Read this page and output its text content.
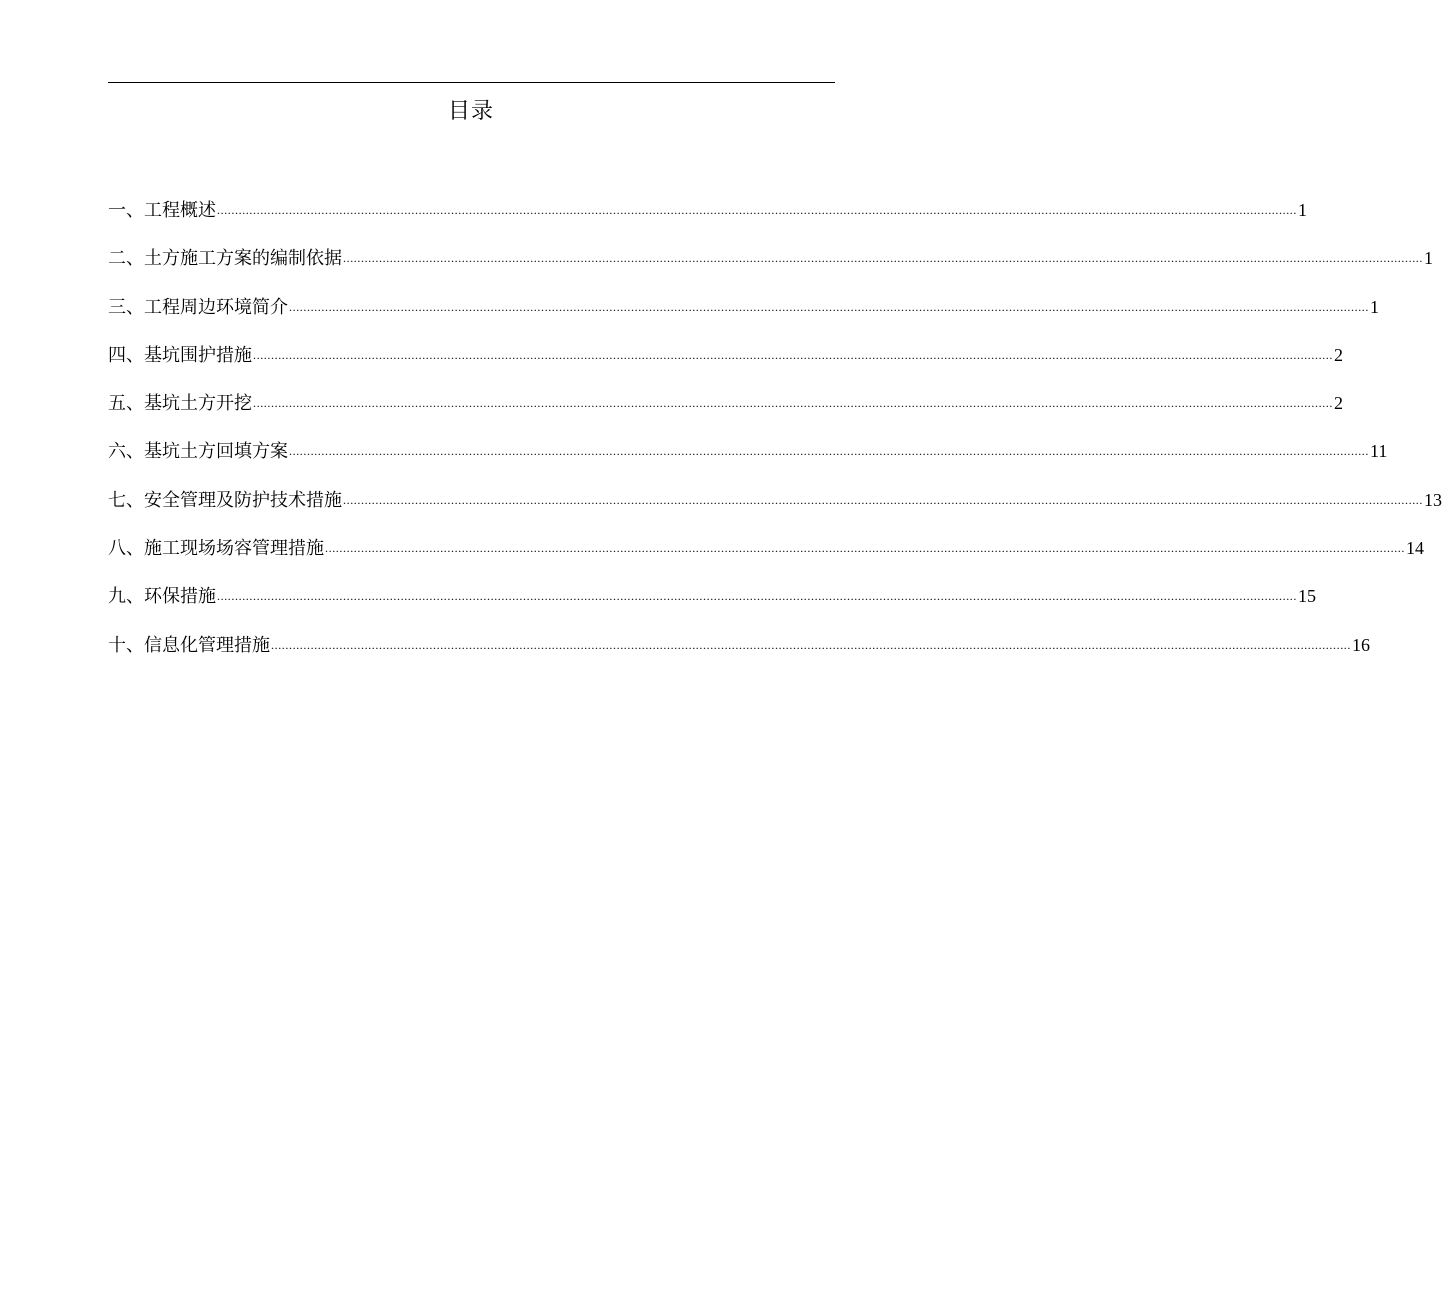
目录
一、工程概述 ............................................................................................................................................................................................................................................................................................................ 1
二、土方施工方案的编制依据 ............................................................................................................................................................................................................................................................................................................ 1
三、工程周边环境简介 ............................................................................................................................................................................................................................................................................................................ 1
四、基坑围护措施 ............................................................................................................................................................................................................................................................................................................ 2
五、基坑土方开挖 ............................................................................................................................................................................................................................................................................................................ 2
六、基坑土方回填方案 ............................................................................................................................................................................................................................................................................................................ 11
七、安全管理及防护技术措施 ............................................................................................................................................................................................................................................................................................................ 13
八、施工现场场容管理措施 ............................................................................................................................................................................................................................................................................................................ 14
九、环保措施 ............................................................................................................................................................................................................................................................................................................ 15
十、信息化管理措施 ............................................................................................................................................................................................................................................................................................................ 16
